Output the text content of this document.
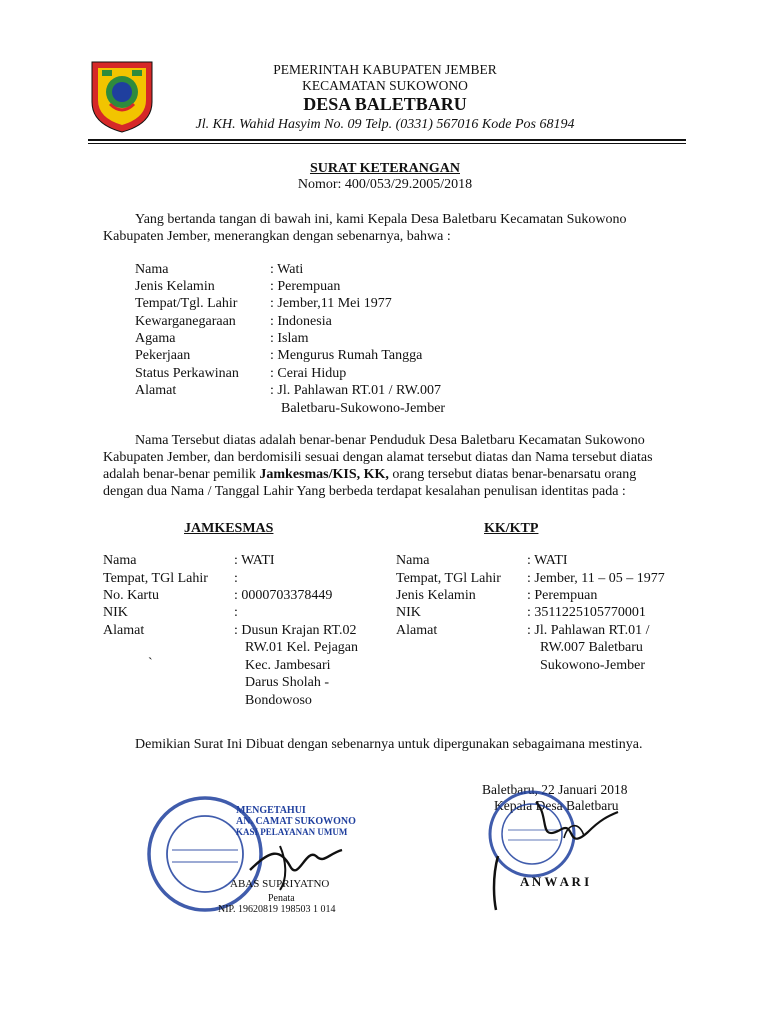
PEMERINTAH KABUPATEN JEMBER
KECAMATAN SUKOWONO
DESA BALETBARU
Jl. KH. Wahid Hasyim No. 09 Telp. (0331) 567016 Kode Pos 68194
SURAT KETERANGAN
Nomor: 400/053/29.2005/2018
Yang bertanda tangan di bawah ini, kami Kepala Desa Baletbaru Kecamatan Sukowono
Kabupaten Jember, menerangkan dengan sebenarnya, bahwa :
Nama	: Wati
Jenis Kelamin	: Perempuan
Tempat/Tgl. Lahir : Jember,11 Mei 1977
Kewarganegaraan : Indonesia
Agama	: Islam
Pekerjaan	: Mengurus Rumah Tangga
Status Perkawinan : Cerai Hidup
Alamat	: Jl. Pahlawan RT.01 / RW.007
Baletbaru-Sukowono-Jember
Nama Tersebut diatas adalah benar-benar Penduduk Desa Baletbaru Kecamatan Sukowono
Kabupaten Jember, dan berdomisili sesuai dengan alamat tersebut diatas dan Nama tersebut diatas
adalah benar-benar pemilik Jamkesmas/KIS, KK, orang tersebut diatas benar-benarsatu orang
dengan dua Nama / Tanggal Lahir Yang berbeda terdapat kesalahan penulisan identitas pada :
JAMKESMAS
Nama	: WATI
Tempat, TGl Lahir :
No. Kartu	: 0000703378449
NIK	:
Alamat	: Dusun Krajan RT.02
RW.01 Kel. Pejagan
Kec. Jambesari
Darus Sholah -
Bondowoso
`
KK/KTP
Nama	: WATI
Tempat, TGl Lahir : Jember, 11 – 05 – 1977
Jenis Kelamin	: Perempuan
NIK	: 3511225105770001
Alamat	: Jl. Pahlawan RT.01 /
RW.007 Baletbaru
Sukowono-Jember
Demikian Surat Ini Dibuat dengan sebenarnya untuk dipergunakan sebagaimana mestinya.
Baletbaru, 22 Januari 2018
Kepala Desa Baletbaru
A N W A R I
MENGETAHUI
AN. CAMAT SUKOWONO
KASI PELAYANAN UMUM
ABAS SUPRIYATNO
Penata
NIP. 19620819 198503 1 014
